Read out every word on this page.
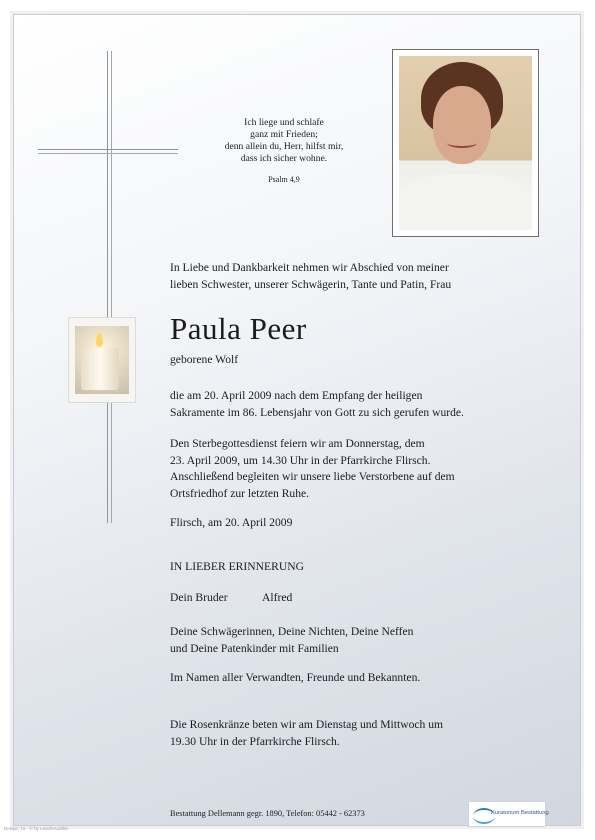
Ich liege und schlafe
ganz mit Frieden;
denn allein du, Herr, hilfst mir,
dass ich sicher wohne.
Psalm 4,9
In Liebe und Dankbarkeit nehmen wir Abschied von meiner
lieben Schwester, unserer Schwägerin, Tante und Patin, Frau
Paula Peer
geborene Wolf
die am 20. April 2009 nach dem Empfang der heiligen
Sakramente im 86. Lebensjahr von Gott zu sich gerufen wurde.
Den Sterbegottesdienst feiern wir am Donnerstag, dem
23. April 2009, um 14.30 Uhr in der Pfarrkirche Flirsch.
Anschließend begleiten wir unsere liebe Verstorbene auf dem
Ortsfriedhof zur letzten Ruhe.
Flirsch, am 20. April 2009
IN LIEBER ERINNERUNG
Dein Bruder	Alfred
Deine Schwägerinnen, Deine Nichten, Deine Neffen
und Deine Patenkinder mit Familien
Im Namen aller Verwandten, Freunde und Bekannten.
Die Rosenkränze beten wir am Dienstag und Mittwoch um
19.30 Uhr in der Pfarrkirche Flirsch.
Bestattung Dellemann gegr. 1890, Telefon: 05442 - 62373	Kuratorium Bestattung
Design: 15 - © by LeachtAusflex
